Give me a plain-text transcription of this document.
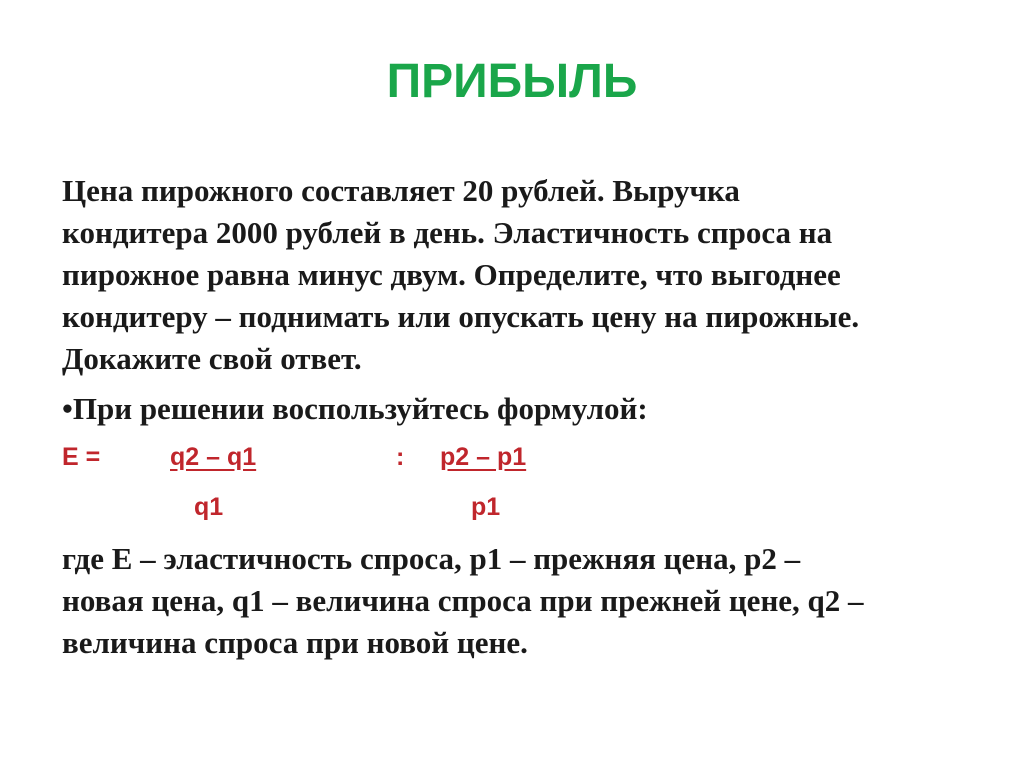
ПРИБЫЛЬ

Цена пирожного составляет 20 рублей. Выручка
кондитера 2000 рублей в день. Эластичность спроса на
пирожное равна минус двум. Определите, что выгоднее
кондитеру – поднимать или опускать цену на пирожные.
Докажите свой ответ.

•При решении воспользуйтесь формулой:

Е =	q2 – q1	: p2 – p1
q1	p1

где Е – эластичность спроса, р1 – прежняя цена, р2 –
новая цена, q1 – величина спроса при прежней цене, q2 –
величина спроса при новой цене.
